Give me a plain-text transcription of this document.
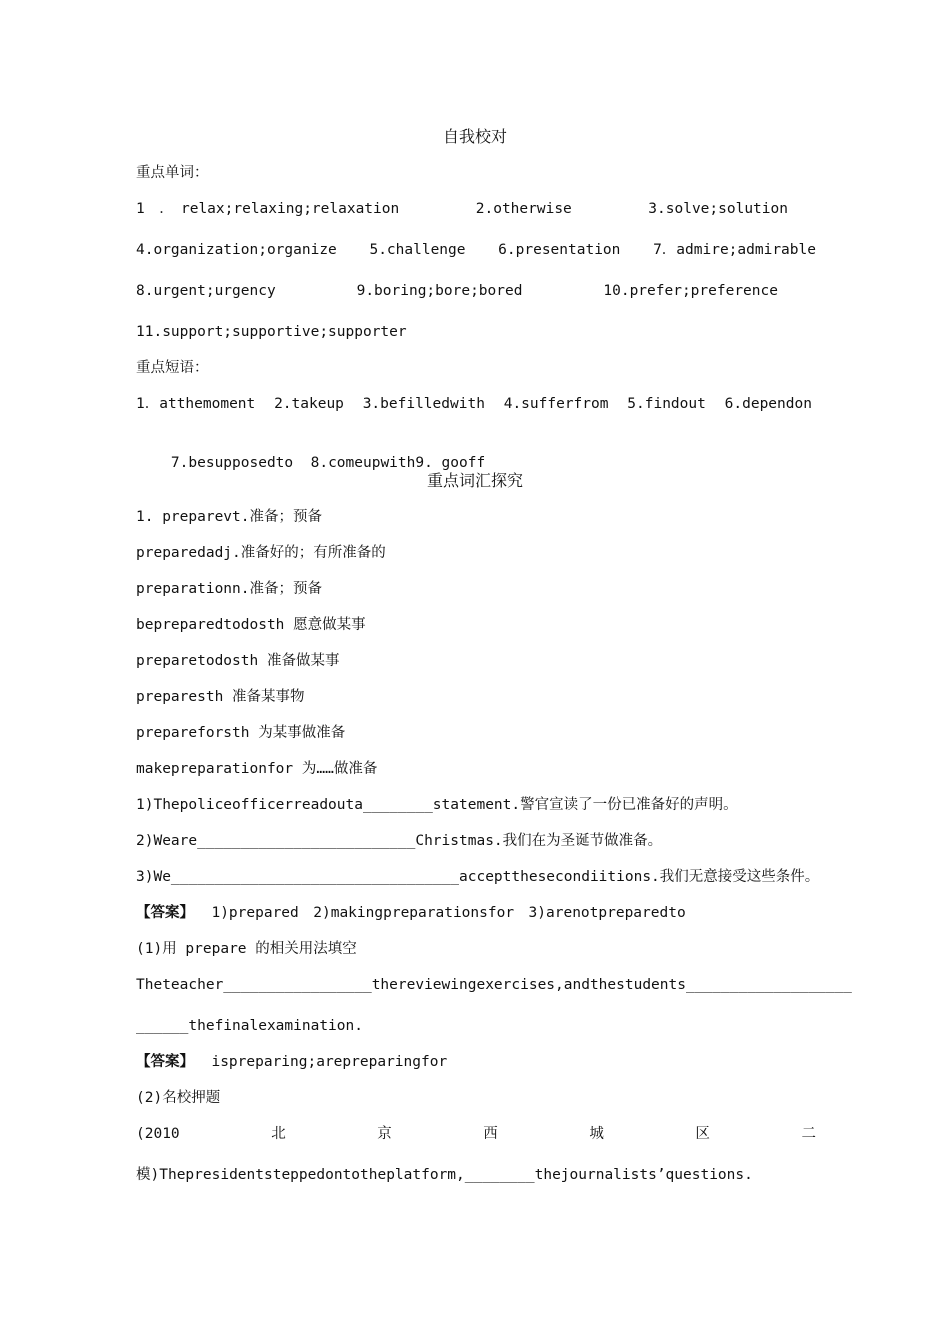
自我校对
重点单词：
1　．　relax;relaxing;relaxation	2.otherwise	3.solve;solution
4.organization;organize 5.challenge 6.presentation 7．admire;admirable
8.urgent;urgency	9.boring;bore;bored	10.prefer;preference
11.support;supportive;supporter
重点短语：
1．atthemoment 2.takeup 3.befilledwith 4.sufferfrom 5.findout 6.dependon

7.besupposedto 8.comeupwith9. gooff

重点词汇探究
1. preparevt.准备；预备
preparedadj.准备好的；有所准备的
preparationn.准备；预备
bepreparedtodosth 愿意做某事
preparetodosth 准备做某事
preparesth 准备某事物
prepareforsth 为某事做准备
makepreparationfor 为……做准备
1)Thepoliceofficerreadouta________statement.警官宣读了一份已准备好的声明。
2)Weare_________________________Christmas.我们在为圣诞节做准备。
3)We_________________________________acceptthesecondiitions.我们无意接受这些条件。
【答案】 1)prepared　2)makingpreparationsfor　3)arenotpreparedto
(1)用 prepare 的相关用法填空
Theteacher_________________thereviewingexercises,andthestudents___________________
______thefinalexamination.
【答案】 ispreparing;arepreparingfor
(2)名校押题
(2010	北	京	西	城	区	二
模)Thepresidentsteppedontotheplatform,________thejournalists’questions.
